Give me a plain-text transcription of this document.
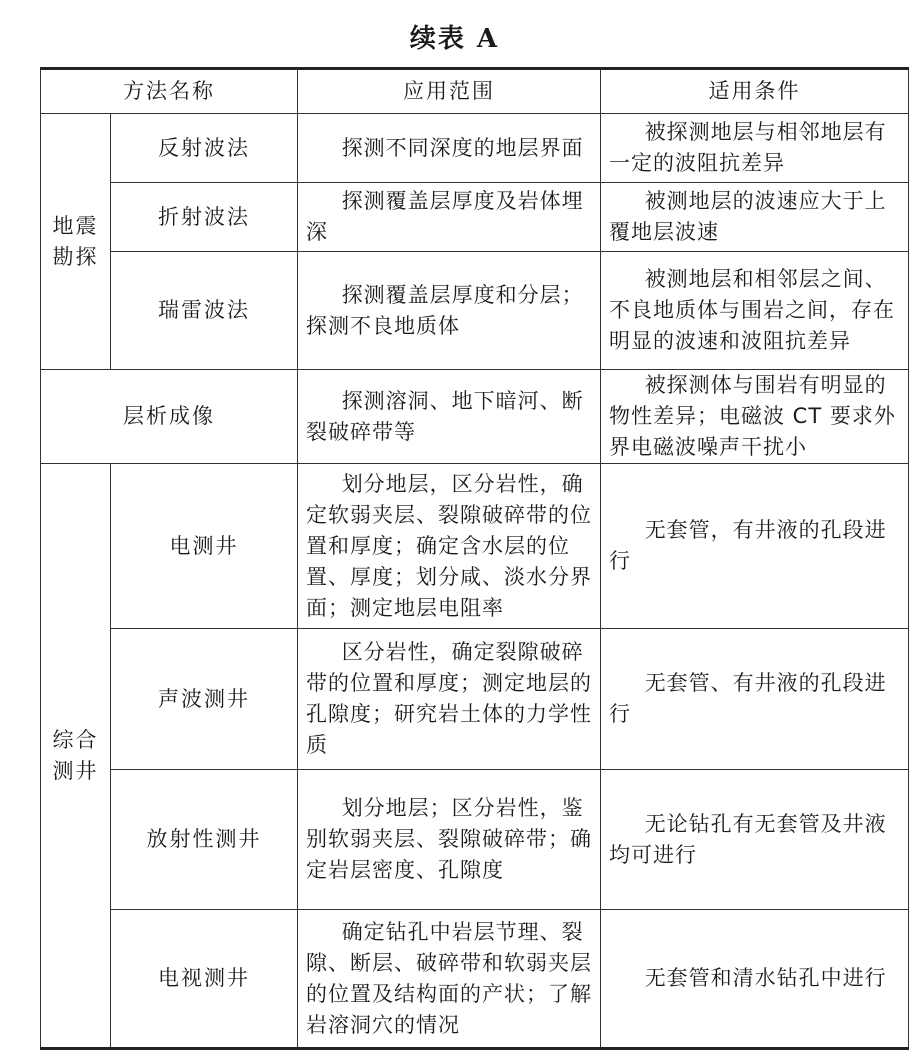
续表 A
方法名称		应用范围	适用条件
地震勘探	反射波法	探测不同深度的地层界面	被探测地层与相邻地层有一定的波阻抗差异
	折射波法	探测覆盖层厚度及岩体埋深	被测地层的波速应大于上覆地层波速
	瑞雷波法	探测覆盖层厚度和分层；探测不良地质体	被测地层和相邻层之间、不良地质体与围岩之间，存在明显的波速和波阻抗差异
层析成像		探测溶洞、地下暗河、断裂破碎带等	被探测体与围岩有明显的物性差异；电磁波 CT 要求外界电磁波噪声干扰小
综合测井	电测井	划分地层，区分岩性，确定软弱夹层、裂隙破碎带的位置和厚度；确定含水层的位置、厚度；划分咸、淡水分界面；测定地层电阻率	无套管，有井液的孔段进行
	声波测井	区分岩性，确定裂隙破碎带的位置和厚度；测定地层的孔隙度；研究岩土体的力学性质	无套管、有井液的孔段进行
	放射性测井	划分地层；区分岩性，鉴别软弱夹层、裂隙破碎带；确定岩层密度、孔隙度	无论钻孔有无套管及井液均可进行
	电视测井	确定钻孔中岩层节理、裂隙、断层、破碎带和软弱夹层的位置及结构面的产状；了解岩溶洞穴的情况	无套管和清水钻孔中进行
